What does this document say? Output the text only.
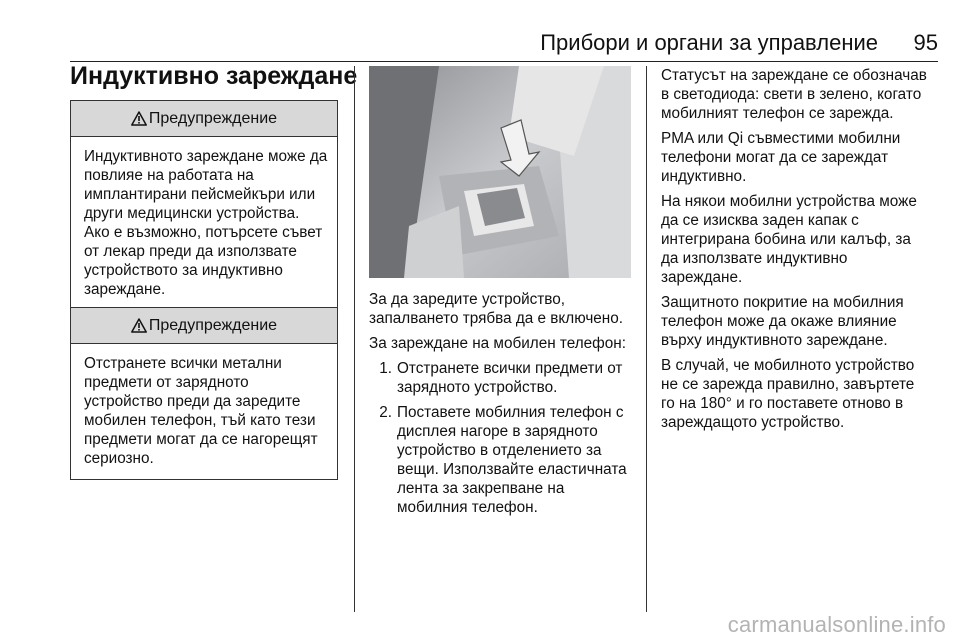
Прибори и органи за управление 95
Индуктивно зареждане
Предупреждение
Индуктивното зареждане може да повлияе на работата на имплантирани пейсмейкъри или други медицински устройства. Ако е възможно, потърсете съвет от лекар преди да използвате устройството за индуктивно зареждане.
Предупреждение
Отстранете всички метални предмети от зарядното устройство преди да заредите мобилен телефон, тъй като тези предмети могат да се нагорещят сериозно.

За да заредите устройство, запалването трябва да е включено.

За зареждане на мобилен телефон:

1. Отстранете всички предмети от зарядното устройство.
2. Поставете мобилния телефон с дисплея нагоре в зарядното устройство в отделението за вещи. Използвайте еластичната лента за закрепване на мобилния телефон.

Статусът на зареждане се обозначав в светодиода: свети в зелено, когато мобилният телефон се зарежда.

PMA или Qi съвместими мобилни телефони могат да се зареждат индуктивно.

На някои мобилни устройства може да се изисква заден капак с интегрирана бобина или калъф, за да използвате индуктивно зареждане.

Защитното покритие на мобилния телефон може да окаже влияние върху индуктивното зареждане.

В случай, че мобилното устройство не се зарежда правилно, завъртете го на 180° и го поставете отново в зареждащото устройство.

carmanualsonline.info
